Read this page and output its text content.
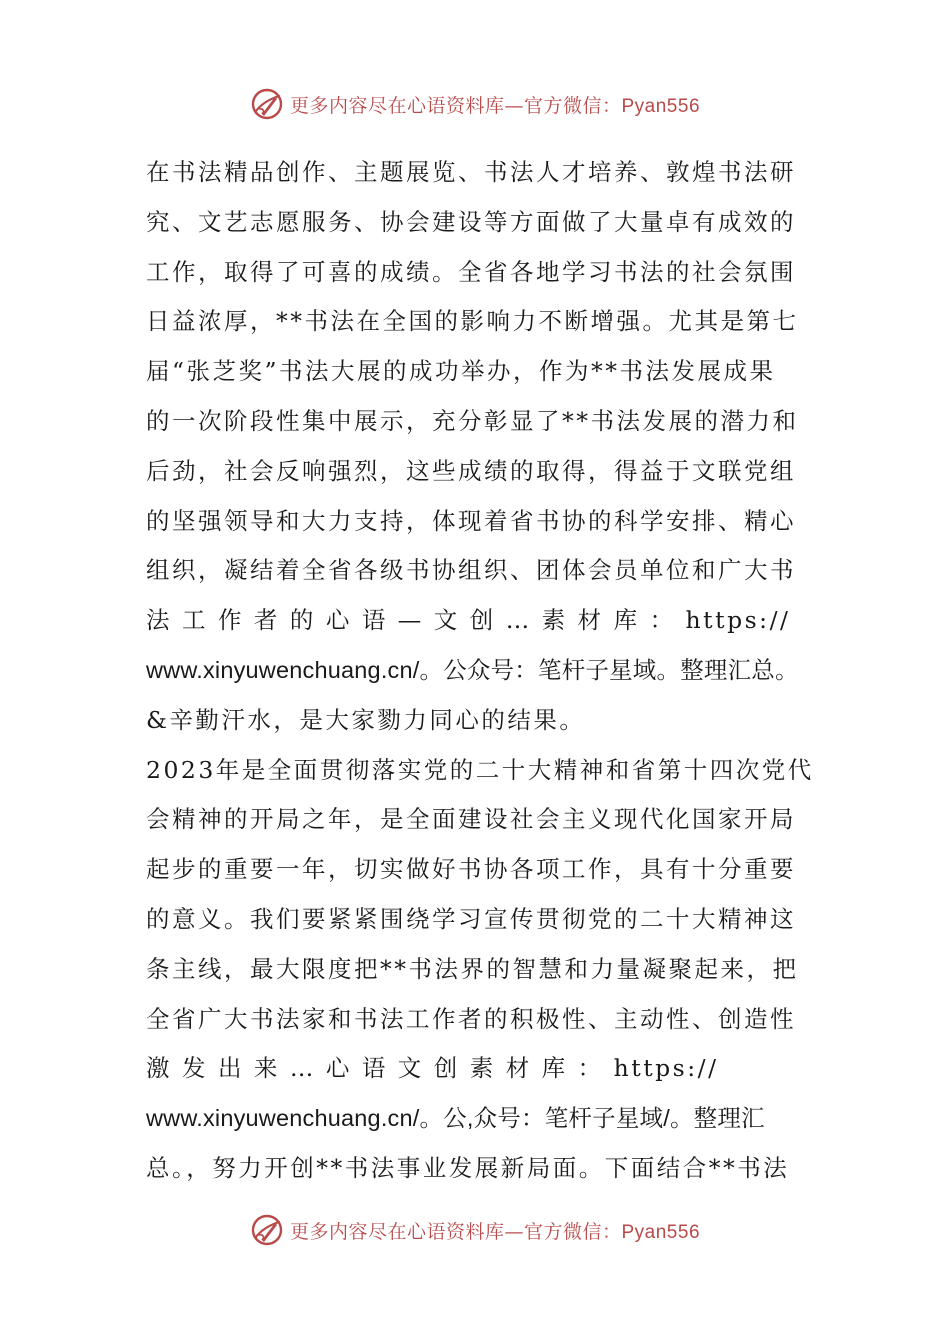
更多内容尽在心语资料库—官方微信：Pyan556
在书法精品创作、主题展览、书法人才培养、敦煌书法研
究、文艺志愿服务、协会建设等方面做了大量卓有成效的
工作，取得了可喜的成绩。全省各地学习书法的社会氛围
日益浓厚，**书法在全国的影响力不断增强。尤其是第七
届“张芝奖”书法大展的成功举办，作为**书法发展成果
的一次阶段性集中展示，充分彰显了**书法发展的潜力和
后劲，社会反响强烈，这些成绩的取得，得益于文联党组
的坚强领导和大力支持，体现着省书协的科学安排、精心
组织，凝结着全省各级书协组织、团体会员单位和广大书
法 工 作 者 的 心 语 — 文 创 … 素 材 库 ： https://
www.xinyuwenchuang.cn/。公众号：笔杆子星域。整理汇总。
&辛勤汗水，是大家勠力同心的结果。
2023年是全面贯彻落实党的二十大精神和省第十四次党代
会精神的开局之年，是全面建设社会主义现代化国家开局
起步的重要一年，切实做好书协各项工作，具有十分重要
的意义。我们要紧紧围绕学习宣传贯彻党的二十大精神这
条主线，最大限度把**书法界的智慧和力量凝聚起来，把
全省广大书法家和书法工作者的积极性、主动性、创造性
激 发 出 来 … 心 语 文 创 素 材 库 ： https://
www.xinyuwenchuang.cn/。公,众号：笔杆子星域/。整理汇
总。，努力开创**书法事业发展新局面。下面结合**书法
更多内容尽在心语资料库—官方微信：Pyan556
